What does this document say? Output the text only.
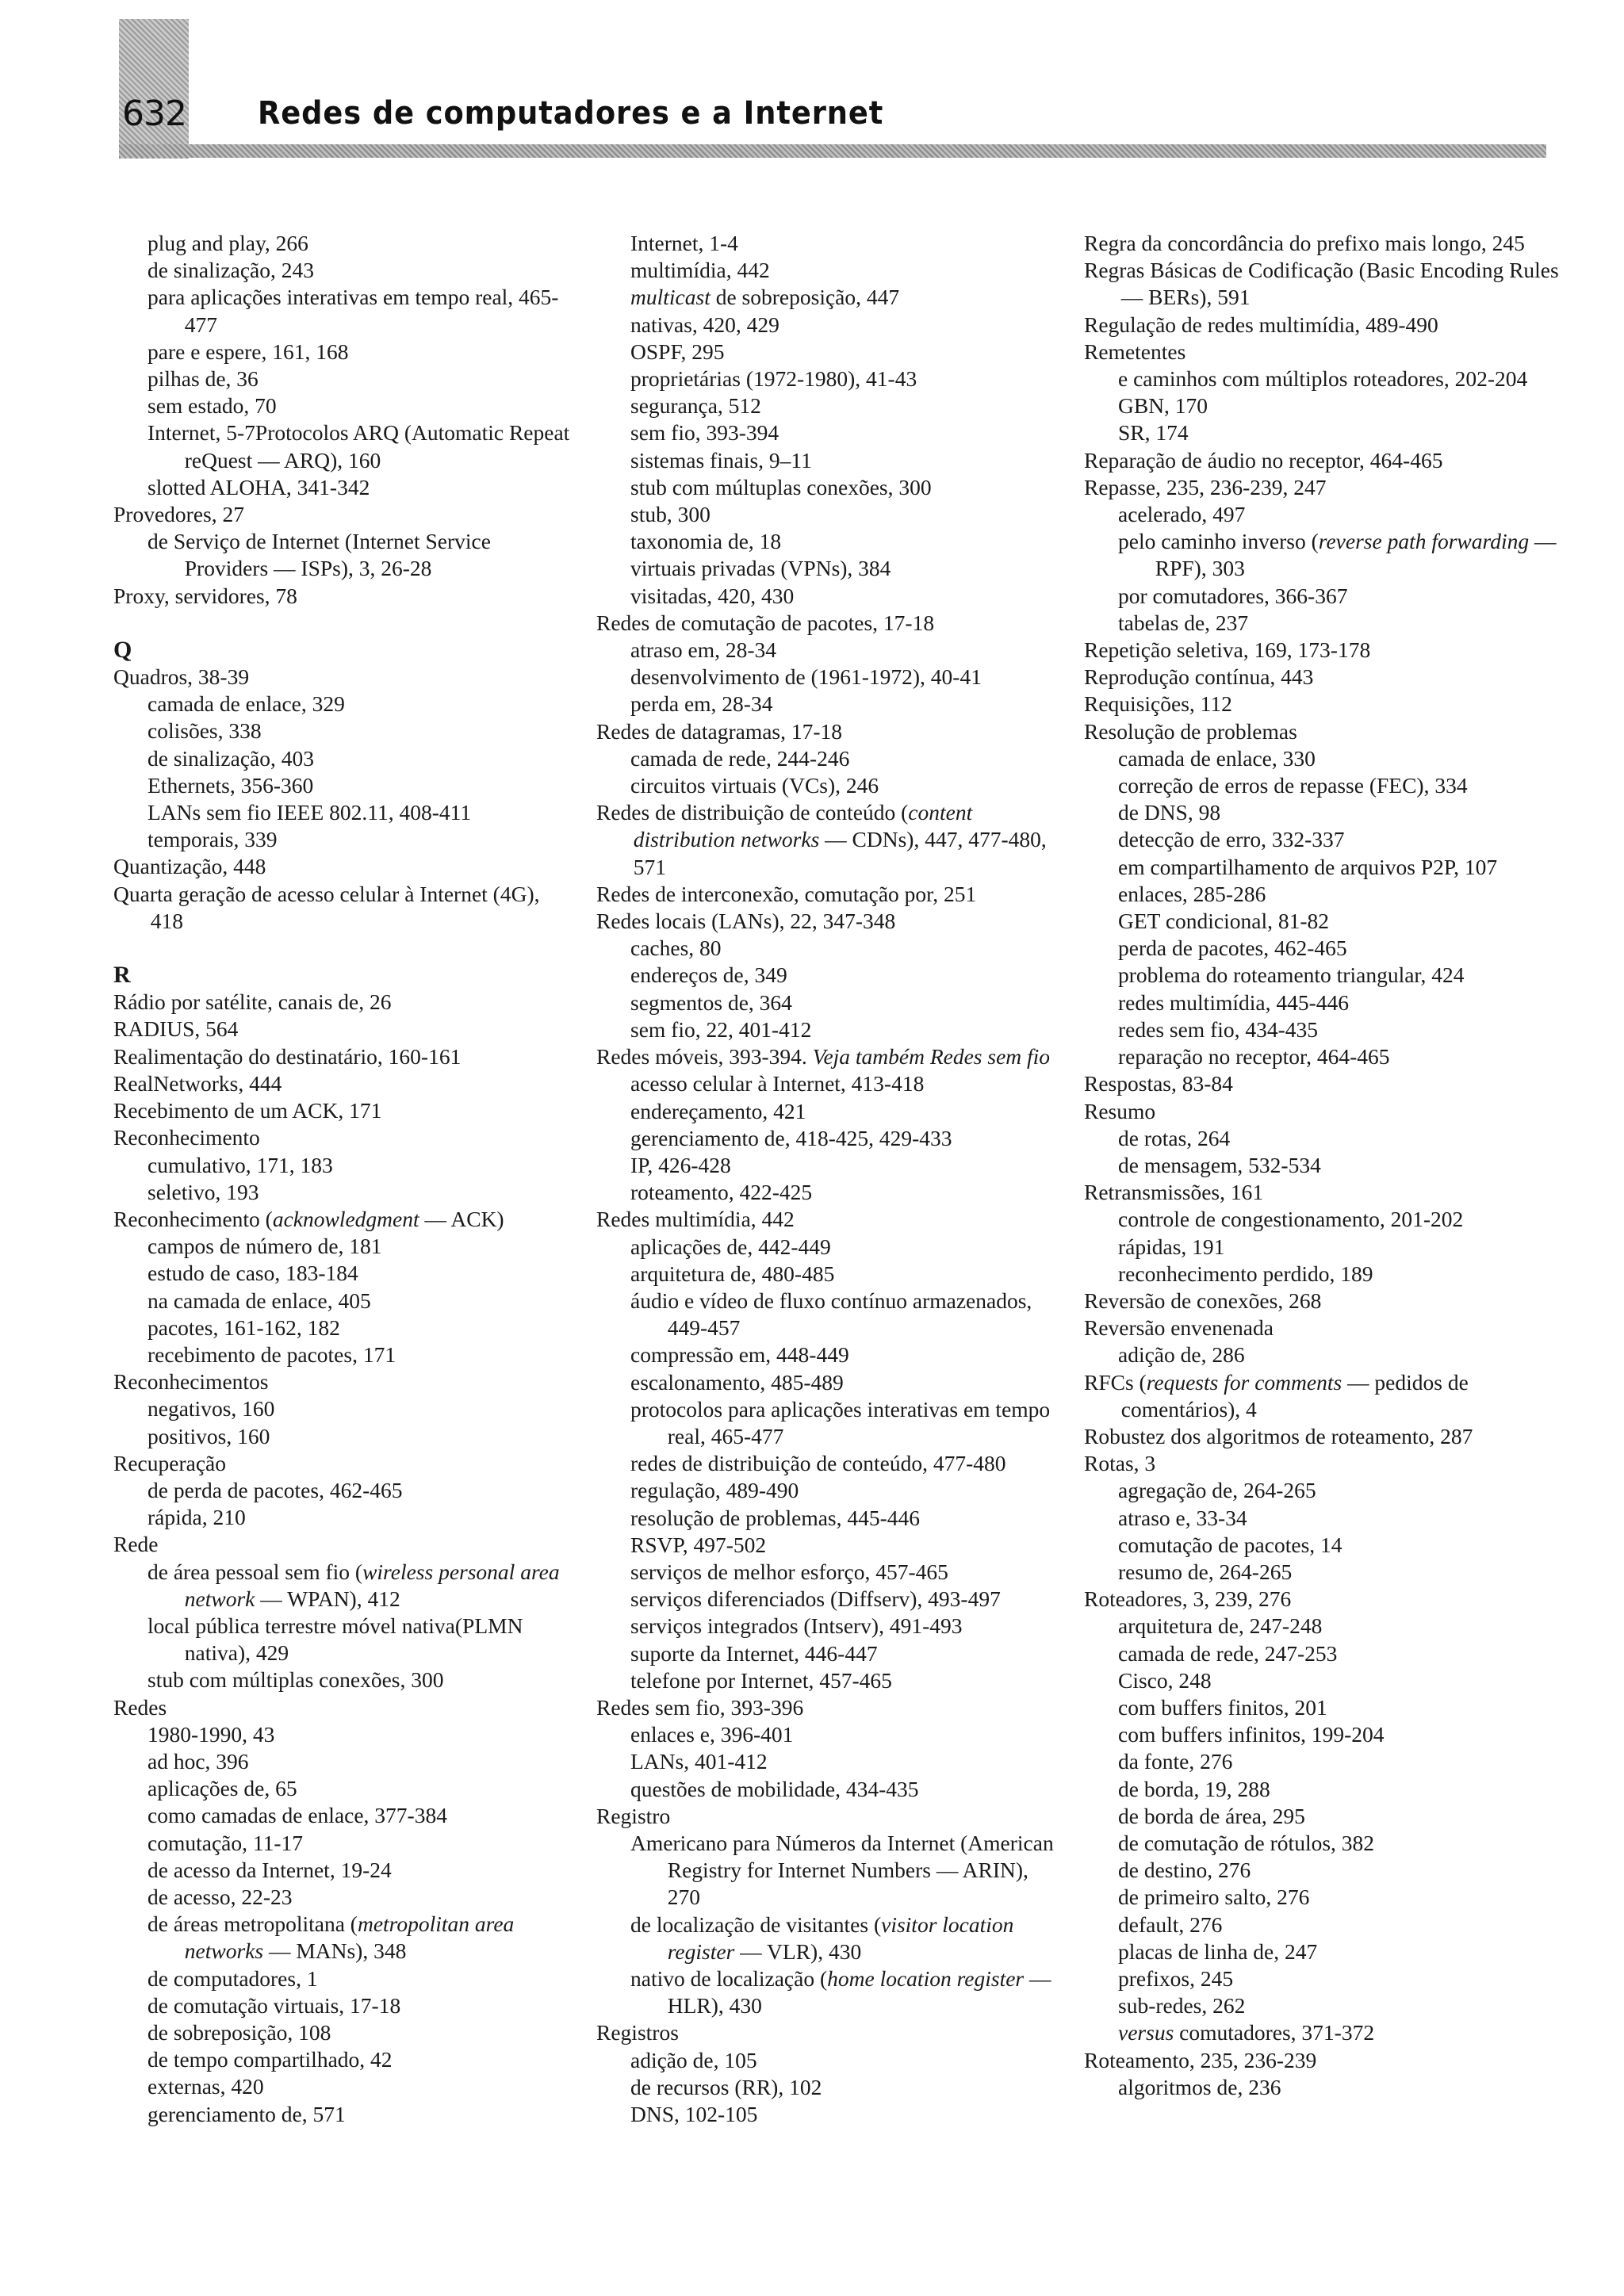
632	Redes de computadores e a Internet
plug and play, 266
de sinalização, 243
para aplicações interativas em tempo real, 465-477
pare e espere, 161, 168
pilhas de, 36
sem estado, 70
Internet, 5-7Protocolos ARQ (Automatic Repeat reQuest — ARQ), 160
slotted ALOHA, 341-342
Provedores, 27
de Serviço de Internet (Internet Service Providers — ISPs), 3, 26-28
Proxy, servidores, 78
Q
Quadros, 38-39
camada de enlace, 329
colisões, 338
de sinalização, 403
Ethernets, 356-360
LANs sem fio IEEE 802.11, 408-411
temporais, 339
Quantização, 448
Quarta geração de acesso celular à Internet (4G), 418
R
Rádio por satélite, canais de, 26
RADIUS, 564
Realimentação do destinatário, 160-161
RealNetworks, 444
Recebimento de um ACK, 171
Reconhecimento
cumulativo, 171, 183
seletivo, 193
Reconhecimento (acknowledgment — ACK)
campos de número de, 181
estudo de caso, 183-184
na camada de enlace, 405
pacotes, 161-162, 182
recebimento de pacotes, 171
Reconhecimentos
negativos, 160
positivos, 160
Recuperação
de perda de pacotes, 462-465
rápida, 210
Rede
de área pessoal sem fio (wireless personal area network — WPAN), 412
local pública terrestre móvel nativa(PLMN nativa), 429
stub com múltiplas conexões, 300
Redes
1980-1990, 43
ad hoc, 396
aplicações de, 65
como camadas de enlace, 377-384
comutação, 11-17
de acesso da Internet, 19-24
de acesso, 22-23
de áreas metropolitana (metropolitan area networks — MANs), 348
de computadores, 1
de comutação virtuais, 17-18
de sobreposição, 108
de tempo compartilhado, 42
externas, 420
gerenciamento de, 571
Internet, 1-4
multimídia, 442
multicast de sobreposição, 447
nativas, 420, 429
OSPF, 295
proprietárias (1972-1980), 41-43
segurança, 512
sem fio, 393-394
sistemas finais, 9–11
stub com múltuplas conexões, 300
stub, 300
taxonomia de, 18
virtuais privadas (VPNs), 384
visitadas, 420, 430
Redes de comutação de pacotes, 17-18
atraso em, 28-34
desenvolvimento de (1961-1972), 40-41
perda em, 28-34
Redes de datagramas, 17-18
camada de rede, 244-246
circuitos virtuais (VCs), 246
Redes de distribuição de conteúdo (content distribution networks — CDNs), 447, 477-480, 571
Redes de interconexão, comutação por, 251
Redes locais (LANs), 22, 347-348
caches, 80
endereços de, 349
segmentos de, 364
sem fio, 22, 401-412
Redes móveis, 393-394. Veja também Redes sem fio
acesso celular à Internet, 413-418
endereçamento, 421
gerenciamento de, 418-425, 429-433
IP, 426-428
roteamento, 422-425
Redes multimídia, 442
aplicações de, 442-449
arquitetura de, 480-485
áudio e vídeo de fluxo contínuo armazenados, 449-457
compressão em, 448-449
escalonamento, 485-489
protocolos para aplicações interativas em tempo real, 465-477
redes de distribuição de conteúdo, 477-480
regulação, 489-490
resolução de problemas, 445-446
RSVP, 497-502
serviços de melhor esforço, 457-465
serviços diferenciados (Diffserv), 493-497
serviços integrados (Intserv), 491-493
suporte da Internet, 446-447
telefone por Internet, 457-465
Redes sem fio, 393-396
enlaces e, 396-401
LANs, 401-412
questões de mobilidade, 434-435
Registro
Americano para Números da Internet (American Registry for Internet Numbers — ARIN), 270
de localização de visitantes (visitor location register — VLR), 430
nativo de localização (home location register — HLR), 430
Registros
adição de, 105
de recursos (RR), 102
DNS, 102-105
Regra da concordância do prefixo mais longo, 245
Regras Básicas de Codificação (Basic Encoding Rules — BERs), 591
Regulação de redes multimídia, 489-490
Remetentes
e caminhos com múltiplos roteadores, 202-204
GBN, 170
SR, 174
Reparação de áudio no receptor, 464-465
Repasse, 235, 236-239, 247
acelerado, 497
pelo caminho inverso (reverse path forwarding — RPF), 303
por comutadores, 366-367
tabelas de, 237
Repetição seletiva, 169, 173-178
Reprodução contínua, 443
Requisições, 112
Resolução de problemas
camada de enlace, 330
correção de erros de repasse (FEC), 334
de DNS, 98
detecção de erro, 332-337
em compartilhamento de arquivos P2P, 107
enlaces, 285-286
GET condicional, 81-82
perda de pacotes, 462-465
problema do roteamento triangular, 424
redes multimídia, 445-446
redes sem fio, 434-435
reparação no receptor, 464-465
Respostas, 83-84
Resumo
de rotas, 264
de mensagem, 532-534
Retransmissões, 161
controle de congestionamento, 201-202
rápidas, 191
reconhecimento perdido, 189
Reversão de conexões, 268
Reversão envenenada
adição de, 286
RFCs (requests for comments — pedidos de comentários), 4
Robustez dos algoritmos de roteamento, 287
Rotas, 3
agregação de, 264-265
atraso e, 33-34
comutação de pacotes, 14
resumo de, 264-265
Roteadores, 3, 239, 276
arquitetura de, 247-248
camada de rede, 247-253
Cisco, 248
com buffers finitos, 201
com buffers infinitos, 199-204
da fonte, 276
de borda, 19, 288
de borda de área, 295
de comutação de rótulos, 382
de destino, 276
de primeiro salto, 276
default, 276
placas de linha de, 247
prefixos, 245
sub-redes, 262
versus comutadores, 371-372
Roteamento, 235, 236-239
algoritmos de, 236
